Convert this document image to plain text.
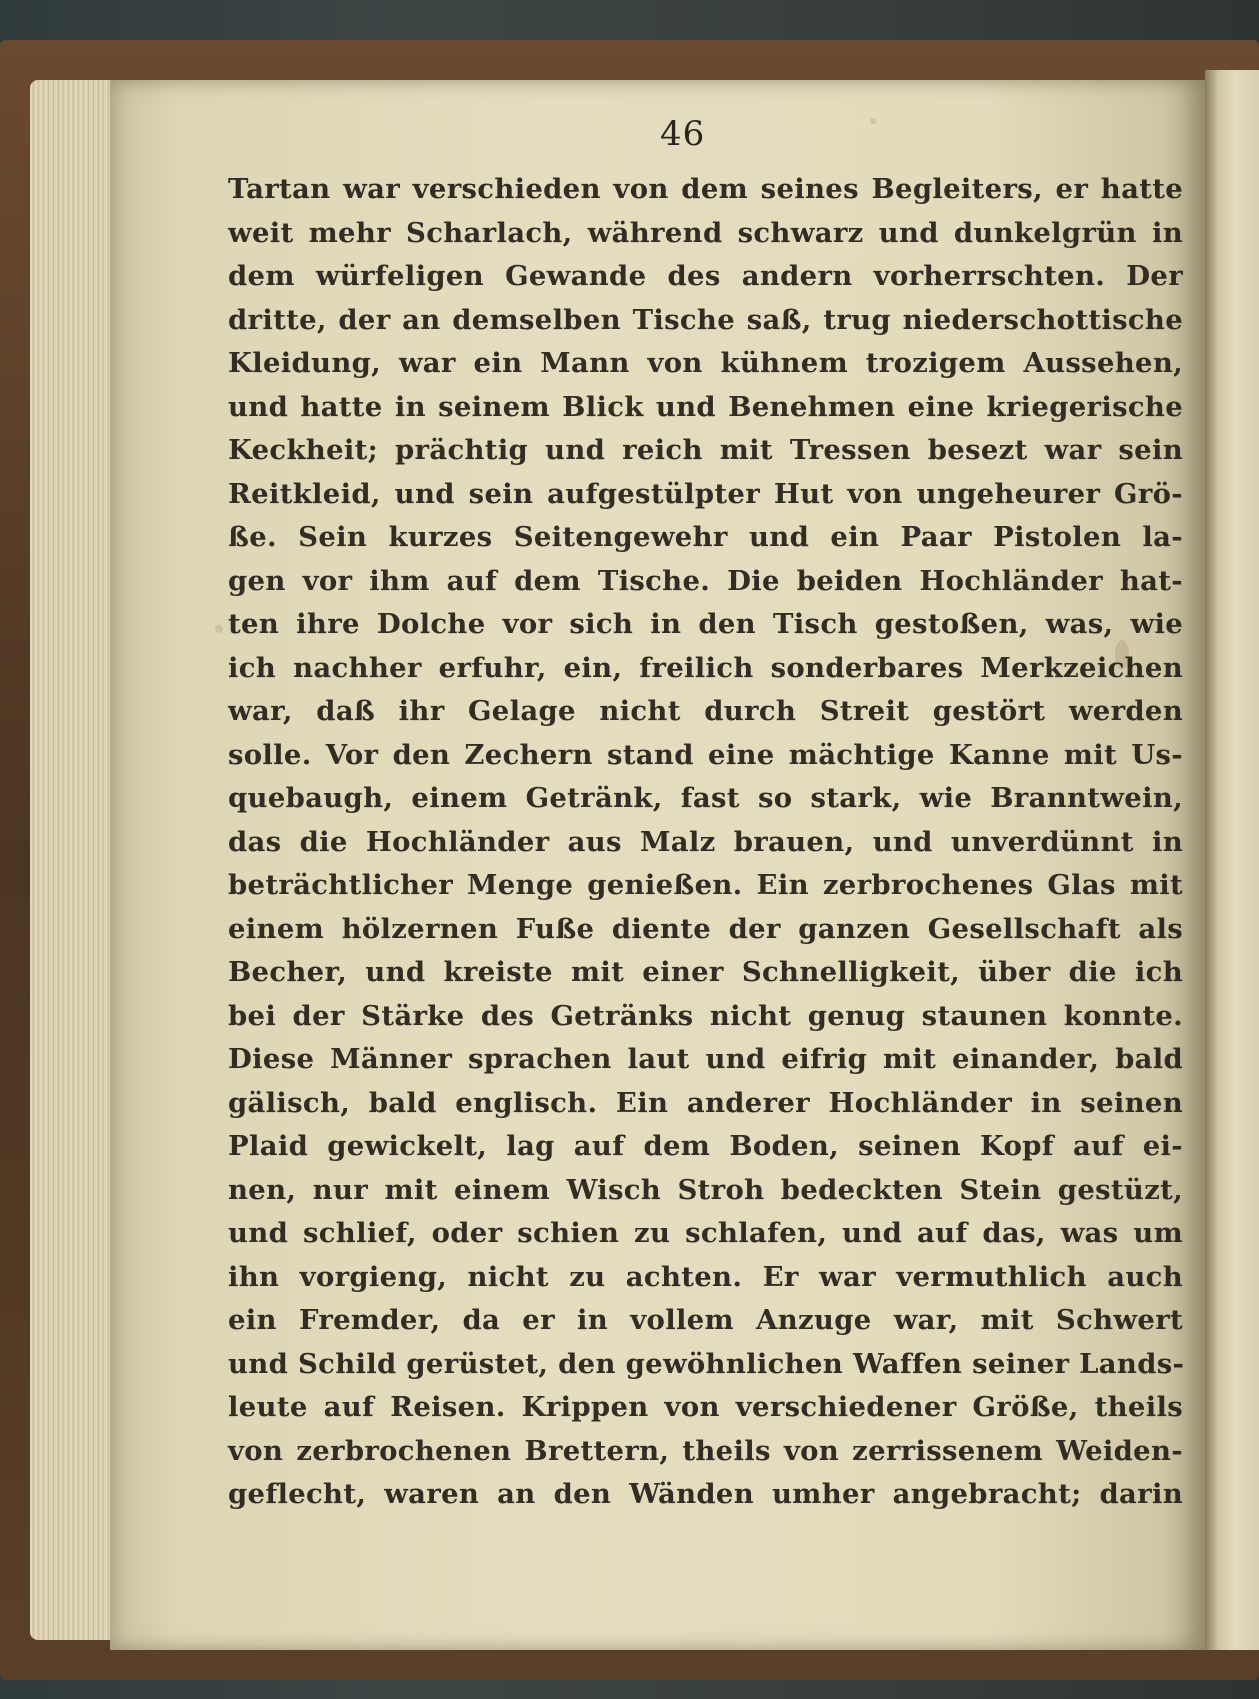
46
Tartan war verschieden von dem seines Begleiters, er hatte
weit mehr Scharlach, während schwarz und dunkelgrün in
dem würfeligen Gewande des andern vorherrschten. Der
dritte, der an demselben Tische saß, trug niederschottische
Kleidung, war ein Mann von kühnem trozigem Aussehen,
und hatte in seinem Blick und Benehmen eine kriegerische
Keckheit; prächtig und reich mit Tressen besezt war sein
Reitkleid, und sein aufgestülpter Hut von ungeheurer Grö-
ße. Sein kurzes Seitengewehr und ein Paar Pistolen la-
gen vor ihm auf dem Tische. Die beiden Hochländer hat-
ten ihre Dolche vor sich in den Tisch gestoßen, was, wie
ich nachher erfuhr, ein, freilich sonderbares Merkzeichen
war, daß ihr Gelage nicht durch Streit gestört werden
solle. Vor den Zechern stand eine mächtige Kanne mit Us-
quebaugh, einem Getränk, fast so stark, wie Branntwein,
das die Hochländer aus Malz brauen, und unverdünnt in
beträchtlicher Menge genießen. Ein zerbrochenes Glas mit
einem hölzernen Fuße diente der ganzen Gesellschaft als
Becher, und kreiste mit einer Schnelligkeit, über die ich
bei der Stärke des Getränks nicht genug staunen konnte.
Diese Männer sprachen laut und eifrig mit einander, bald
gälisch, bald englisch. Ein anderer Hochländer in seinen
Plaid gewickelt, lag auf dem Boden, seinen Kopf auf ei-
nen, nur mit einem Wisch Stroh bedeckten Stein gestüzt,
und schlief, oder schien zu schlafen, und auf das, was um
ihn vorgieng, nicht zu achten. Er war vermuthlich auch
ein Fremder, da er in vollem Anzuge war, mit Schwert
und Schild gerüstet, den gewöhnlichen Waffen seiner Lands-
leute auf Reisen. Krippen von verschiedener Größe, theils
von zerbrochenen Brettern, theils von zerrissenem Weiden-
geflecht, waren an den Wänden umher angebracht; darin
